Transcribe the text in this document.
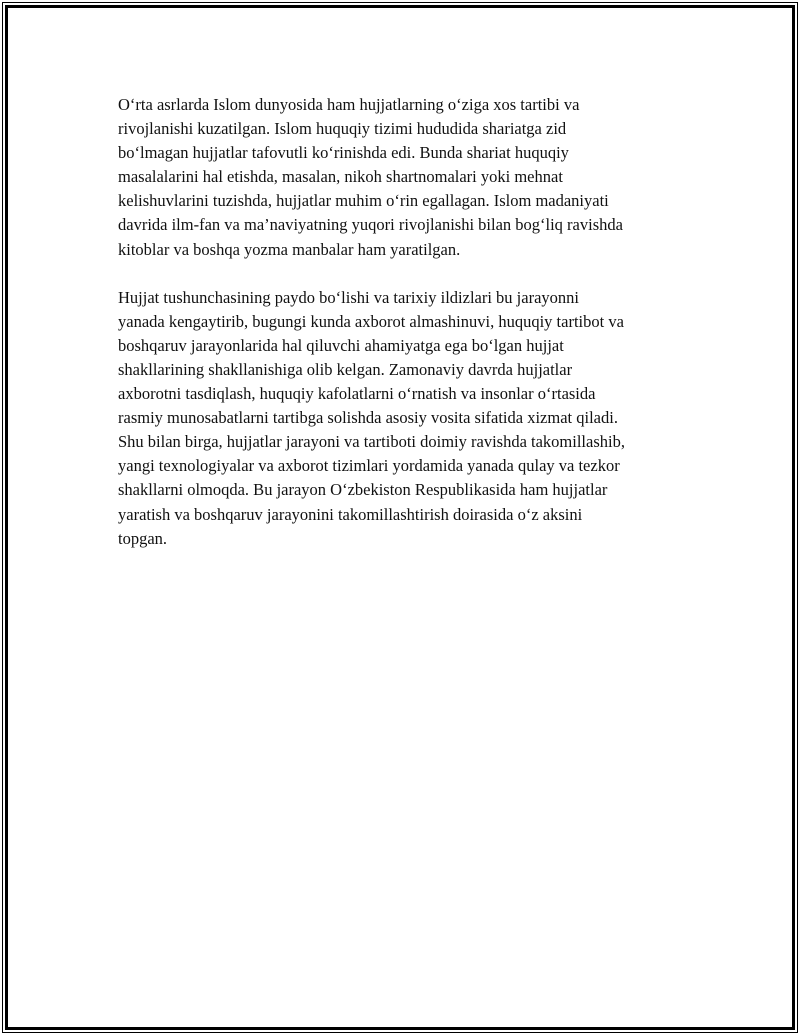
O‘rta asrlarda Islom dunyosida ham hujjatlarning o‘ziga xos tartibi va
rivojlanishi kuzatilgan. Islom huquqiy tizimi hududida shariatga zid
bo‘lmagan hujjatlar tafovutli ko‘rinishda edi. Bunda shariat huquqiy
masalalarini hal etishda, masalan, nikoh shartnomalari yoki mehnat
kelishuvlarini tuzishda, hujjatlar muhim o‘rin egallagan. Islom madaniyati
davrida ilm-fan va ma’naviyatning yuqori rivojlanishi bilan bog‘liq ravishda
kitoblar va boshqa yozma manbalar ham yaratilgan.

Hujjat tushunchasining paydo bo‘lishi va tarixiy ildizlari bu jarayonni
yanada kengaytirib, bugungi kunda axborot almashinuvi, huquqiy tartibot va
boshqaruv jarayonlarida hal qiluvchi ahamiyatga ega bo‘lgan hujjat
shakllarining shakllanishiga olib kelgan. Zamonaviy davrda hujjatlar
axborotni tasdiqlash, huquqiy kafolatlarni o‘rnatish va insonlar o‘rtasida
rasmiy munosabatlarni tartibga solishda asosiy vosita sifatida xizmat qiladi.
Shu bilan birga, hujjatlar jarayoni va tartiboti doimiy ravishda takomillashib,
yangi texnologiyalar va axborot tizimlari yordamida yanada qulay va tezkor
shakllarni olmoqda. Bu jarayon O‘zbekiston Respublikasida ham hujjatlar
yaratish va boshqaruv jarayonini takomillashtirish doirasida o‘z aksini
topgan.
